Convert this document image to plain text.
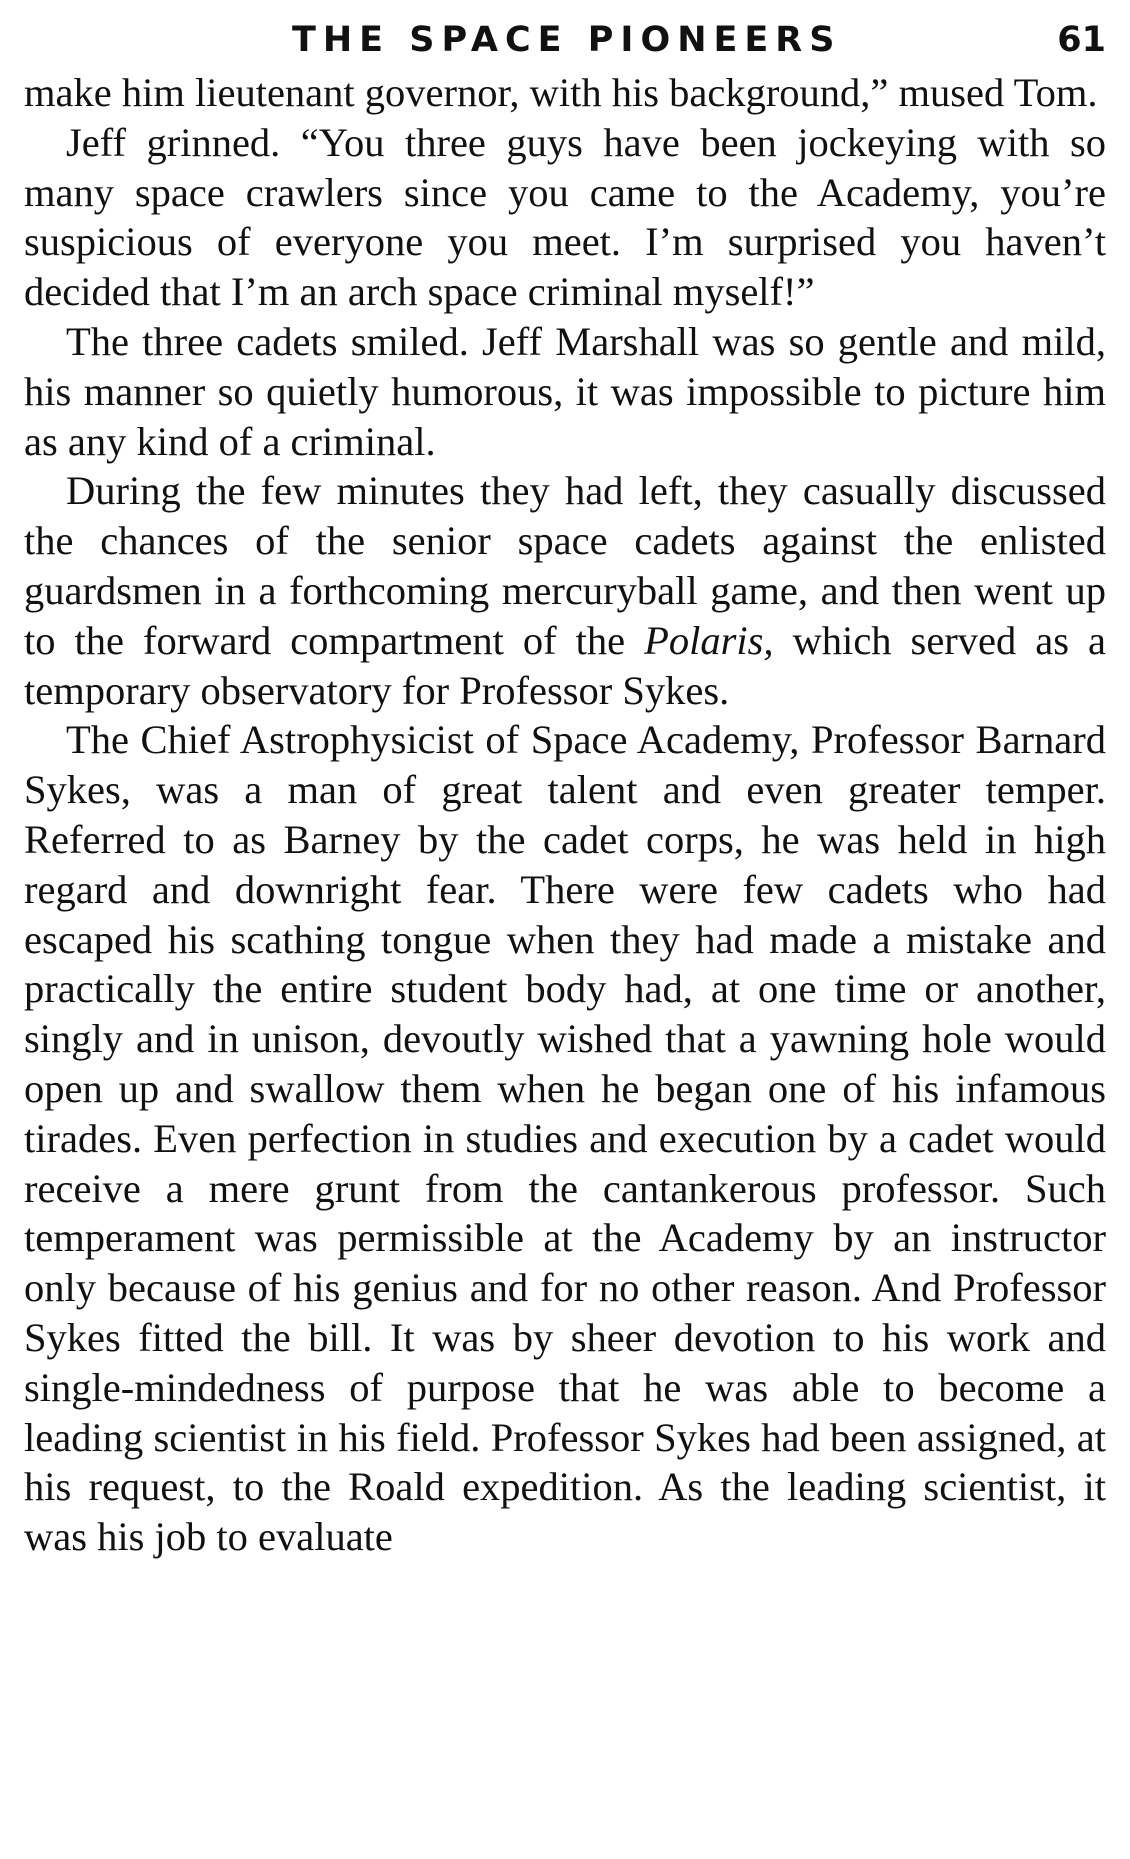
THE SPACE PIONEERS	61

make him lieutenant governor, with his background,” mused Tom.

Jeff grinned. “You three guys have been jockeying with so many space crawlers since you came to the Academy, you’re suspicious of everyone you meet. I’m surprised you haven’t decided that I’m an arch space criminal myself!”

The three cadets smiled. Jeff Marshall was so gentle and mild, his manner so quietly humorous, it was impossible to picture him as any kind of a criminal.

During the few minutes they had left, they casually discussed the chances of the senior space cadets against the enlisted guardsmen in a forthcoming mercuryball game, and then went up to the forward compartment of the Polaris, which served as a temporary observatory for Professor Sykes.

The Chief Astrophysicist of Space Academy, Professor Barnard Sykes, was a man of great talent and even greater temper. Referred to as Barney by the cadet corps, he was held in high regard and downright fear. There were few cadets who had escaped his scathing tongue when they had made a mistake and practically the entire student body had, at one time or another, singly and in unison, devoutly wished that a yawning hole would open up and swallow them when he began one of his infamous tirades. Even perfection in studies and execution by a cadet would receive a mere grunt from the cantankerous professor. Such temperament was permissible at the Academy by an instructor only because of his genius and for no other reason. And Professor Sykes fitted the bill. It was by sheer devotion to his work and single-mindedness of purpose that he was able to become a leading scientist in his field. Professor Sykes had been assigned, at his request, to the Roald expedition. As the leading scientist, it was his job to evaluate
